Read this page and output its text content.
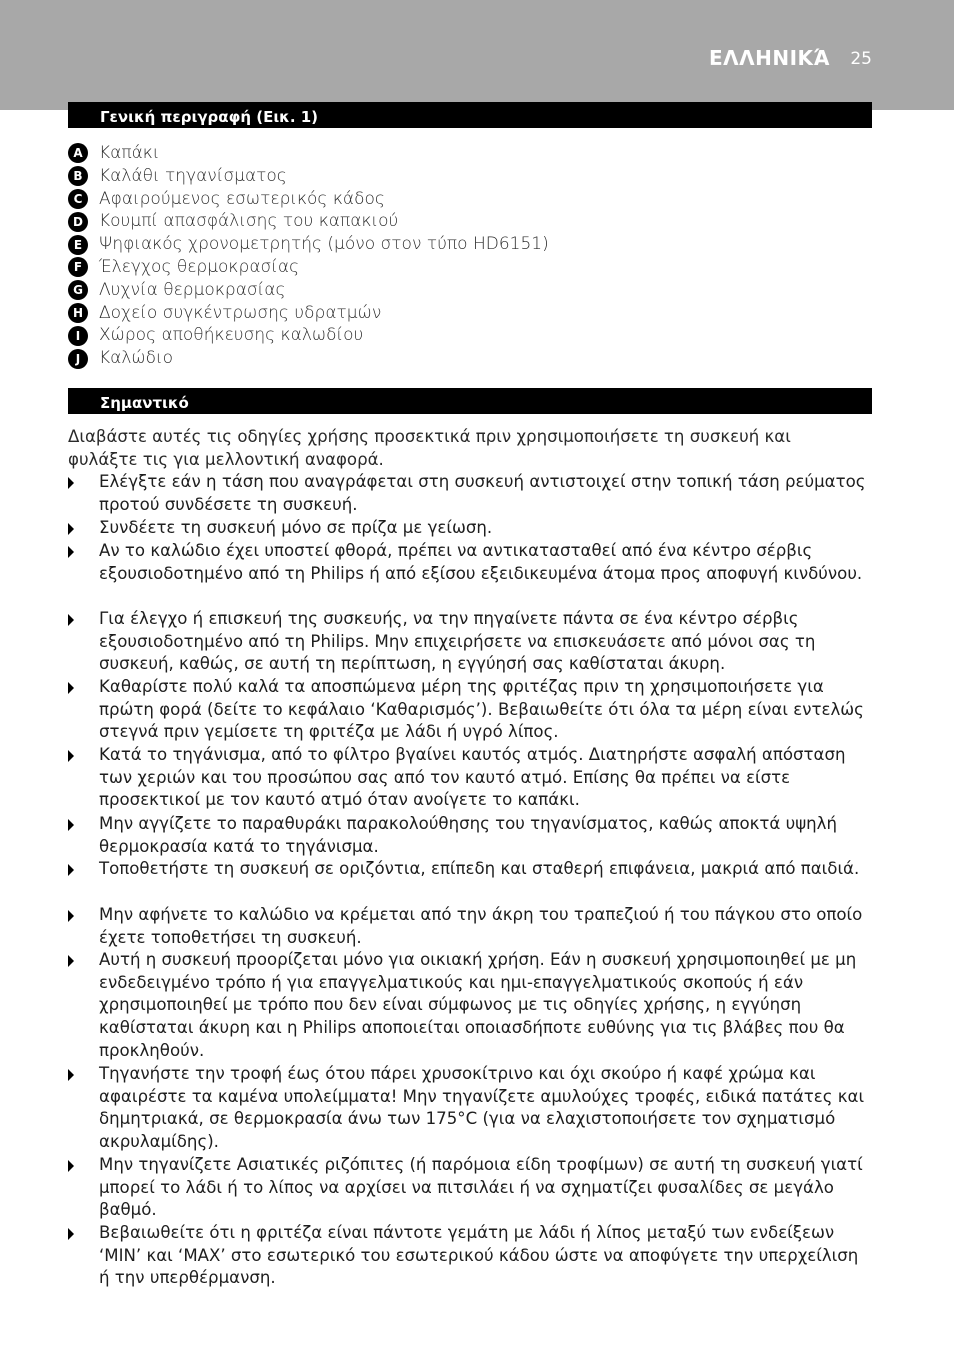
ΕΛΛΗΝΙΚΆ 25
Γενική περιγραφή (Εικ. 1)
A Καπάκι
B Καλάθι τηγανίσματος
C Αφαιρούμενος εσωτερικός κάδος
D Κουμπί απασφάλισης του καπακιού
E Ψηφιακός χρονομετρητής (μόνο στον τύπο HD6151)
F Έλεγχος θερμοκρασίας
G Λυχνία θερμοκρασίας
H Δοχείο συγκέντρωσης υδρατμών
I	Χώρος αποθήκευσης καλωδίου
J	Καλώδιο
Σημαντικό
Διαβάστε αυτές τις οδηγίες χρήσης προσεκτικά πριν χρησιμοποιήσετε τη συσκευή και φυλάξτε τις για μελλοντική αναφορά.
Ελέγξτε εάν η τάση που αναγράφεται στη συσκευή αντιστοιχεί στην τοπική τάση ρεύματος προτού συνδέσετε τη συσκευή.
Συνδέετε τη συσκευή μόνο σε πρίζα με γείωση.
Αν το καλώδιο έχει υποστεί φθορά, πρέπει να αντικατασταθεί από ένα κέντρο σέρβις εξουσιοδοτημένο από τη Philips ή από εξίσου εξειδικευμένα άτομα προς αποφυγή κινδύνου.
Για έλεγχο ή επισκευή της συσκευής, να την πηγαίνετε πάντα σε ένα κέντρο σέρβις εξουσιοδοτημένο από τη Philips. Μην επιχειρήσετε να επισκευάσετε από μόνοι σας τη συσκευή, καθώς, σε αυτή τη περίπτωση, η εγγύησή σας καθίσταται άκυρη.
Καθαρίστε πολύ καλά τα αποσπώμενα μέρη της φριτέζας πριν τη χρησιμοποιήσετε για πρώτη φορά (δείτε το κεφάλαιο ‘Καθαρισμός’). Βεβαιωθείτε ότι όλα τα μέρη είναι εντελώς στεγνά πριν γεμίσετε τη φριτέζα με λάδι ή υγρό λίπος.
Κατά το τηγάνισμα, από το φίλτρο βγαίνει καυτός ατμός. Διατηρήστε ασφαλή απόσταση των χεριών και του προσώπου σας από τον καυτό ατμό. Επίσης θα πρέπει να είστε προσεκτικοί με τον καυτό ατμό όταν ανοίγετε το καπάκι.
Μην αγγίζετε το παραθυράκι παρακολούθησης του τηγανίσματος, καθώς αποκτά υψηλή θερμοκρασία κατά το τηγάνισμα.
Τοποθετήστε τη συσκευή σε οριζόντια, επίπεδη και σταθερή επιφάνεια, μακριά από παιδιά.
Μην αφήνετε το καλώδιο να κρέμεται από την άκρη του τραπεζιού ή του πάγκου στο οποίο έχετε τοποθετήσει τη συσκευή.
Αυτή η συσκευή προορίζεται μόνο για οικιακή χρήση. Εάν η συσκευή χρησιμοποιηθεί με μη ενδεδειγμένο τρόπο ή για επαγγελματικούς και ημι-επαγγελματικούς σκοπούς ή εάν χρησιμοποιηθεί με τρόπο που δεν είναι σύμφωνος με τις οδηγίες χρήσης, η εγγύηση καθίσταται άκυρη και η Philips αποποιείται οποιασδήποτε ευθύνης για τις βλάβες που θα προκληθούν.
Τηγανήστε την τροφή έως ότου πάρει χρυσοκίτρινο και όχι σκούρο ή καφέ χρώμα και αφαιρέστε τα καμένα υπολείμματα! Μην τηγανίζετε αμυλούχες τροφές, ειδικά πατάτες και δημητριακά, σε θερμοκρασία άνω των 175°C (για να ελαχιστοποιήσετε τον σχηματισμό ακρυλαμίδης).
Μην τηγανίζετε Ασιατικές ριζόπιτες (ή παρόμοια είδη τροφίμων) σε αυτή τη συσκευή γιατί μπορεί το λάδι ή το λίπος να αρχίσει να πιτσιλάει ή να σχηματίζει φυσαλίδες σε μεγάλο βαθμό.
Βεβαιωθείτε ότι η φριτέζα είναι πάντοτε γεμάτη με λάδι ή λίπος μεταξύ των ενδείξεων ‘MIN’ και ‘MAX’ στο εσωτερικό του εσωτερικού κάδου ώστε να αποφύγετε την υπερχείλιση ή την υπερθέρμανση.
